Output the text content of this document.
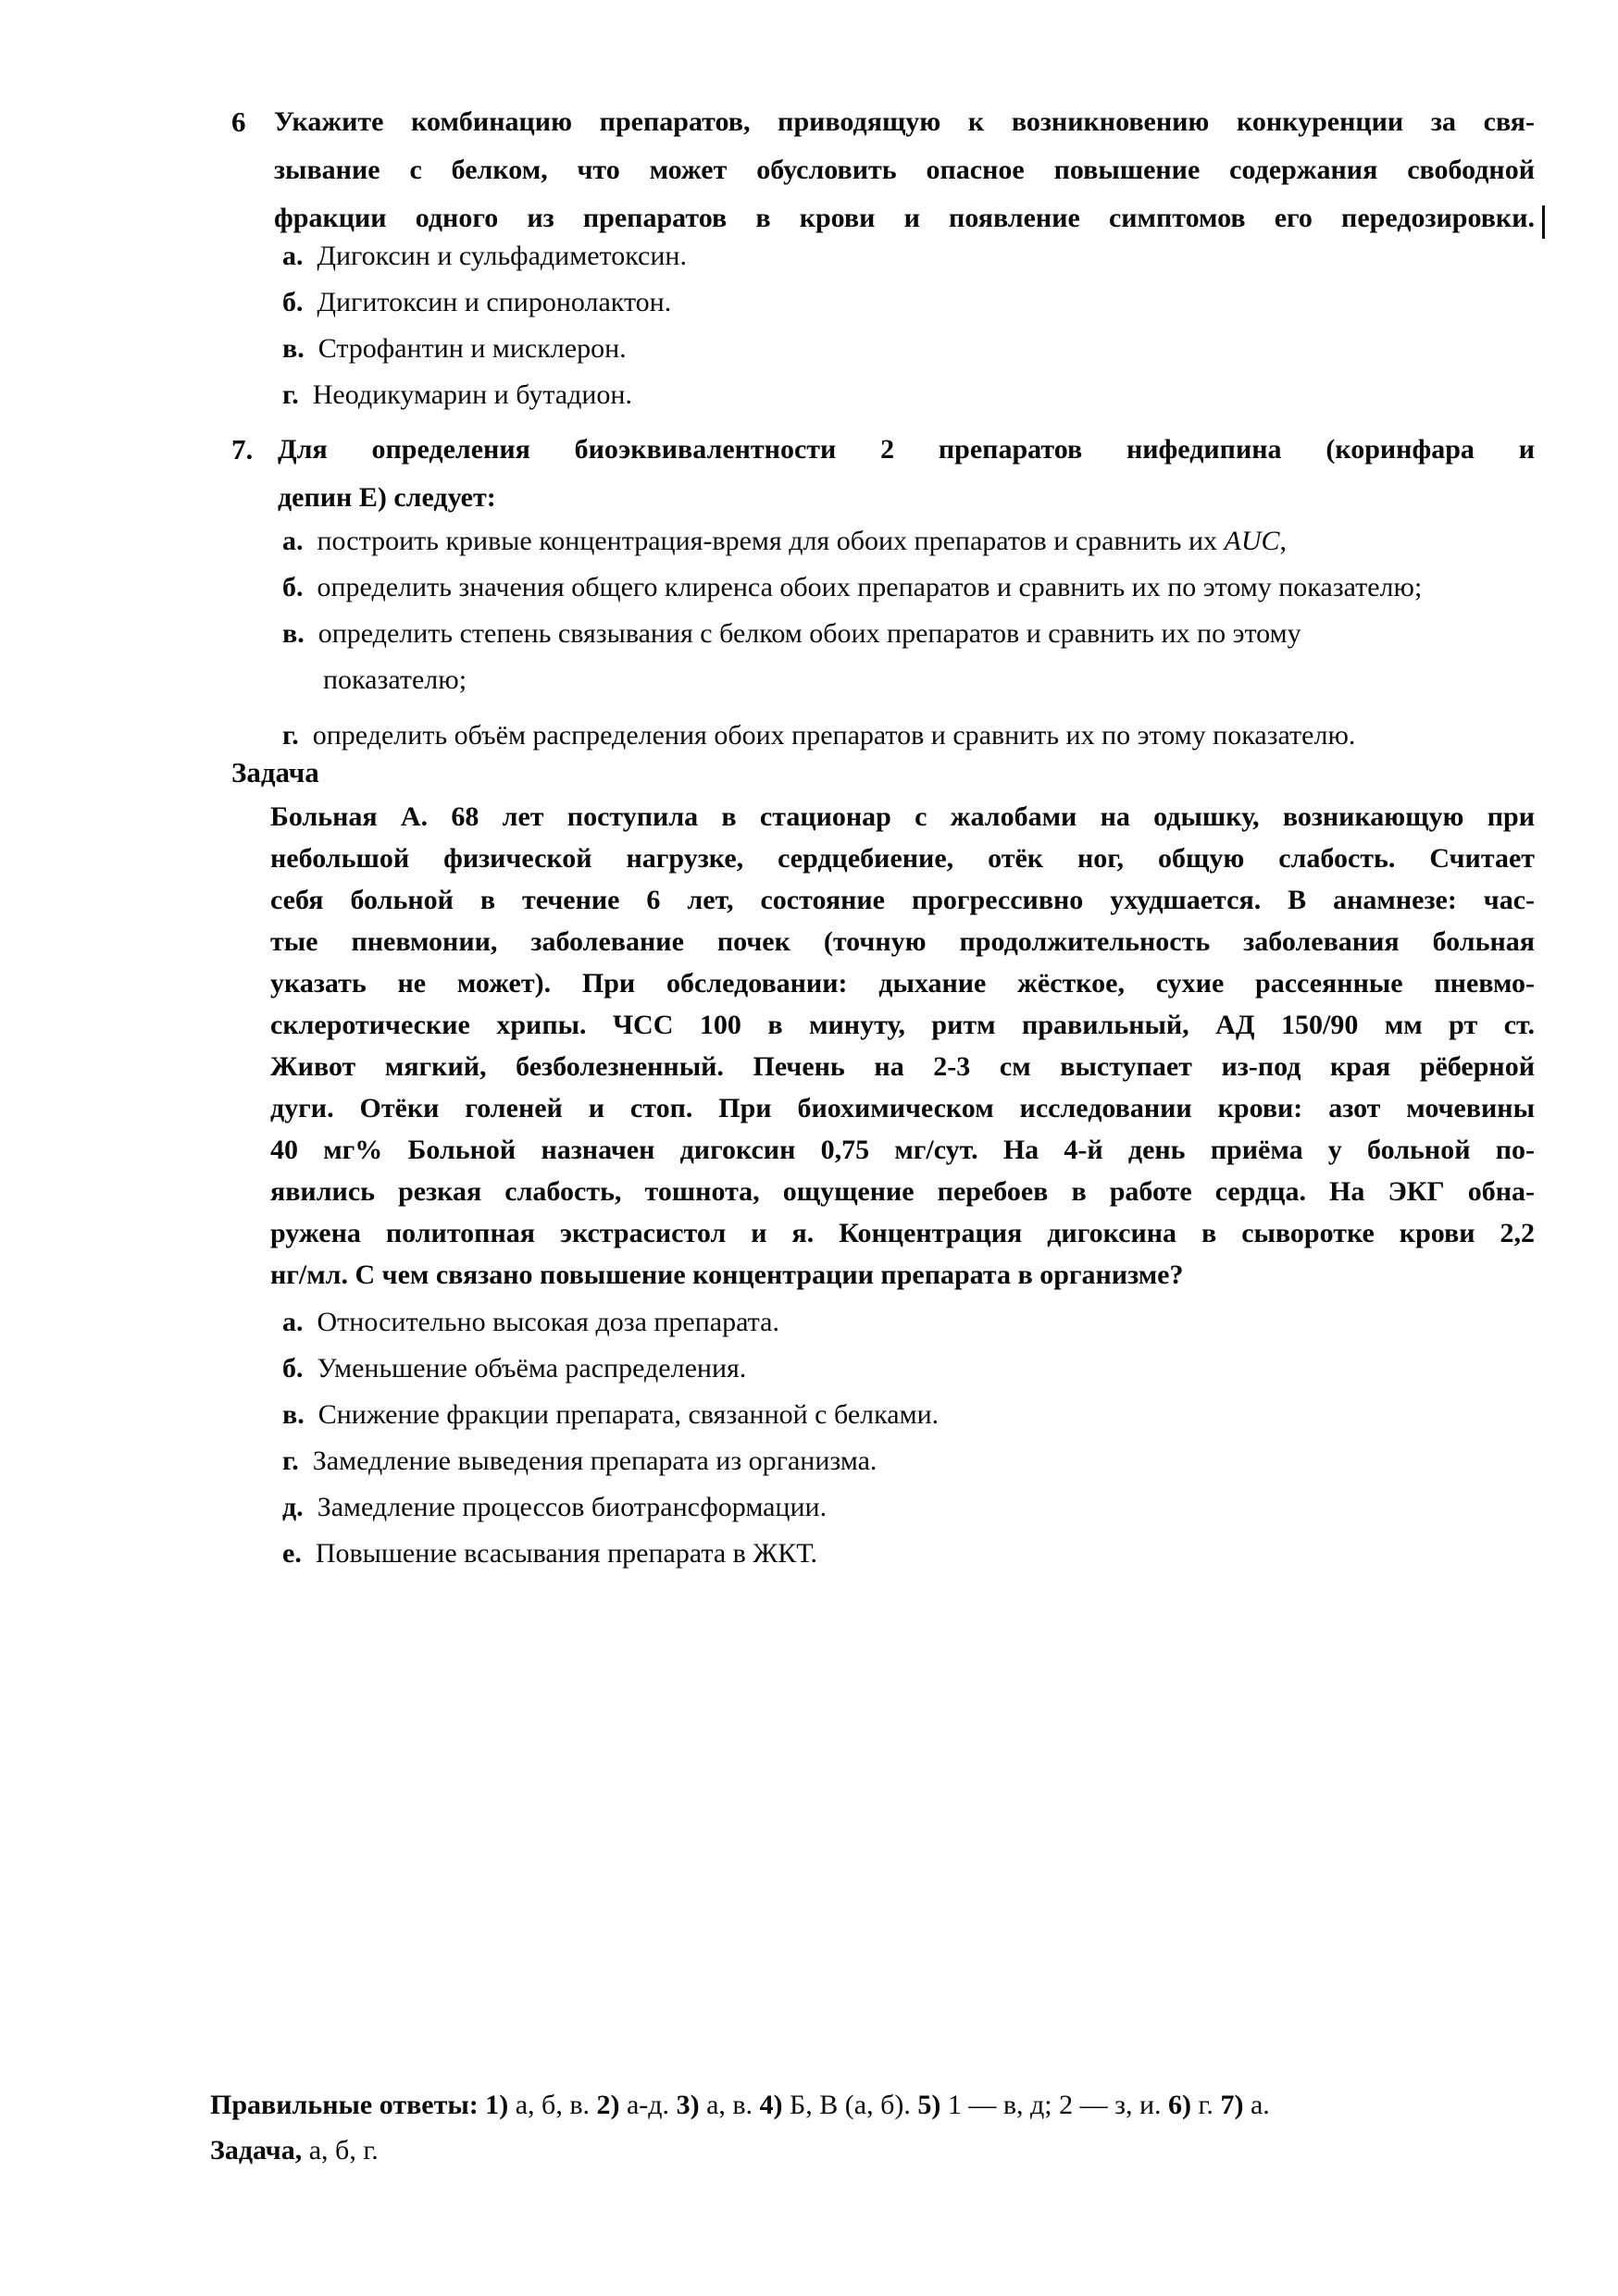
6 Укажите комбинацию препаратов, приводящую к возникновению конкуренции за свя-
зывание с белком, что может обусловить опасное повышение содержания свободной
фракции одного из препаратов в крови и появление симптомов его передозировки.
а. Дигоксин и сульфадиметоксин.
б. Дигитоксин и спиронолактон.
в. Строфантин и мисклерон.
г. Неодикумарин и бутадион.
7. Для определения биоэквивалентности 2 препаратов нифедипина (коринфара и
депин Е) следует:
а. построить кривые концентрация-время для обоих препаратов и сравнить их AUC,
б. определить значения общего клиренса обоих препаратов и сравнить их по этому показателю;
в. определить степень связывания с белком обоих препаратов и сравнить их по этому
показателю;
г. определить объём распределения обоих препаратов и сравнить их по этому показателю.
Задача
Больная А. 68 лет поступила в стационар с жалобами на одышку, возникающую при
небольшой физической нагрузке, сердцебиение, отёк ног, общую слабость. Считает
себя больной в течение 6 лет, состояние прогрессивно ухудшается. В анамнезе: час-
тые пневмонии, заболевание почек (точную продолжительность заболевания больная
указать не может). При обследовании: дыхание жёсткое, сухие рассеянные пневмо-
склеротические хрипы. ЧСС 100 в минуту, ритм правильный, АД 150/90 мм рт ст.
Живот мягкий, безболезненный. Печень на 2-3 см выступает из-под края рёберной
дуги. Отёки голеней и стоп. При биохимическом исследовании крови: азот мочевины
40 мг% Больной назначен дигоксин 0,75 мг/сут. На 4-й день приёма у больной по-
явились резкая слабость, тошнота, ощущение перебоев в работе сердца. На ЭКГ обна-
ружена политопная экстрасистол и я. Концентрация дигоксина в сыворотке крови 2,2
нг/мл. С чем связано повышение концентрации препарата в организме?
а. Относительно высокая доза препарата.
б. Уменьшение объёма распределения.
в. Снижение фракции препарата, связанной с белками.
г. Замедление выведения препарата из организма.
д. Замедление процессов биотрансформации.
е. Повышение всасывания препарата в ЖКТ.
Правильные ответы: 1) а, б, в. 2) а-д. 3) а, в. 4) Б, В (а, б). 5) 1 — в, д; 2 — з, и. 6) г. 7) а.
Задача, а, б, г.
